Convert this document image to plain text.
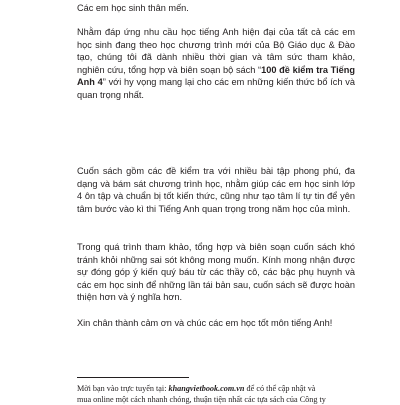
Các em học sinh thân mến.

Nhằm đáp ứng nhu cầu học tiếng Anh hiện đại của tất cả các em học sinh đang theo học chương trình mới của Bộ Giáo dục & Đào tạo, chúng tôi đã dành nhiều thời gian và tâm sức tham khảo, nghiên cứu, tổng hợp và biên soạn bộ sách “100 đề kiểm tra Tiếng Anh 4” với hy vọng mang lại cho các em những kiến thức bổ ích và quan trọng nhất.

Cuốn sách gồm các đề kiểm tra với nhiều bài tập phong phú, đa dạng và bám sát chương trình học, nhằm giúp các em học sinh lớp 4 ôn tập và chuẩn bị tốt kiến thức, cũng như tạo tâm lí tự tin để yên tâm bước vào kì thi Tiếng Anh quan trọng trong năm học của mình.

Trong quá trình tham khảo, tổng hợp và biên soạn cuốn sách khó tránh khỏi những sai sót không mong muốn. Kính mong nhận được sự đóng góp ý kiến quý báu từ các thầy cô, các bậc phụ huynh và các em học sinh để những lần tái bản sau, cuốn sách sẽ được hoàn thiện hơn và ý nghĩa hơn.

Xin chân thành cảm ơn và chúc các em học tốt môn tiếng Anh!

Mời bạn vào trực tuyến tại: khangvietbook.com.vn để có thể cập nhật và
mua online một cách nhanh chóng, thuận tiện nhất các tựa sách của Công ty
